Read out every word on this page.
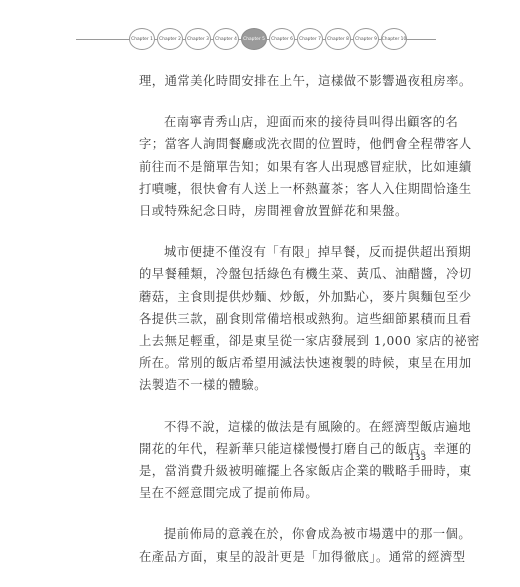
Chapter 1	Chapter 2	Chapter 3	Chapter 4	Chapter 5	Chapter 6	Chapter 7	Chapter 8	Chapter 9	Chapter 10

理，通常美化時間安排在上午，這樣做不影響過夜租房率。

在南寧青秀山店，迎面而來的接待員叫得出顧客的名
字；當客人詢問餐廳或洗衣間的位置時，他們會全程帶客人
前往而不是簡單告知；如果有客人出現感冒症狀，比如連續
打噴嚏，很快會有人送上一杯熱薑茶；客人入住期間恰逢生
日或特殊紀念日時，房間裡會放置鮮花和果盤。

城市便捷不僅沒有「有限」掉早餐，反而提供超出預期
的早餐種類，冷盤包括綠色有機生菜、黃瓜、油醋醬，冷切
蘑菇，主食則提供炒麵、炒飯，外加點心，麥片與麵包至少
各提供三款，副食則常備培根或熱狗。這些細節累積而且看
上去無足輕重，卻是東呈從一家店發展到 1,000 家店的祕密
所在。常別的飯店希望用滅法快速複製的時候，東呈在用加
法製造不一樣的體驗。

不得不說，這樣的做法是有風險的。在經濟型飯店遍地
開花的年代，程新華只能這樣慢慢打磨自己的飯店。幸運的
是，當消費升級被明確擺上各家飯店企業的戰略手冊時，東
呈在不經意間完成了提前佈局。

提前佈局的意義在於，你會成為被市場選中的那一個。
在產品方面，東呈的設計更是「加得徹底」。通常的經濟型

133
